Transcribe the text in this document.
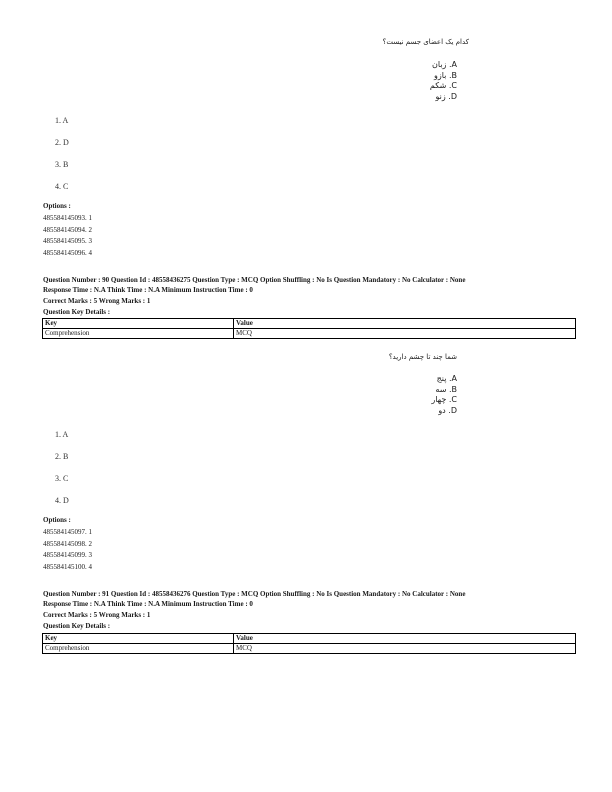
کدام یک اعضای جسم نیست؟
A. زبان
B. بازو
C. شکم
D. زنو
1. A
2. D
3. B
4. C
Options :
485584145093. 1
485584145094. 2
485584145095. 3
485584145096. 4
Question Number : 90 Question Id : 48558436275 Question Type : MCQ Option Shuffling : No Is Question Mandatory : No Calculator : None
Response Time : N.A Think Time : N.A Minimum Instruction Time : 0
Correct Marks : 5 Wrong Marks : 1
Question Key Details :
Key	Value
Comprehension	MCQ
شما چند تا چشم دارید؟
A. پنج
B. سه
C. چهار
D. دو
1. A
2. B
3. C
4. D
Options :
485584145097. 1
485584145098. 2
485584145099. 3
485584145100. 4
Question Number : 91 Question Id : 48558436276 Question Type : MCQ Option Shuffling : No Is Question Mandatory : No Calculator : None
Response Time : N.A Think Time : N.A Minimum Instruction Time : 0
Correct Marks : 5 Wrong Marks : 1
Question Key Details :
Key	Value
Comprehension	MCQ
